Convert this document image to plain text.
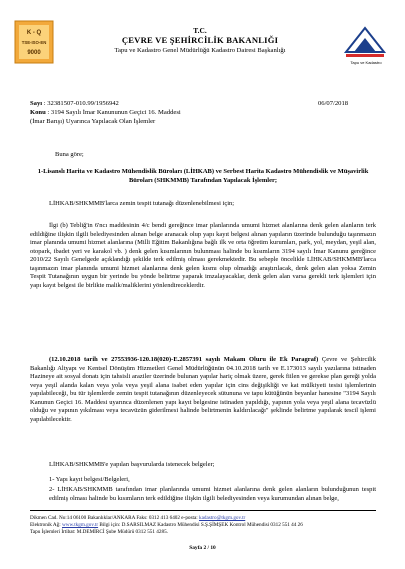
K - Q
TSE-ISO-EN
9000
Tapu ve Kadastro
T.C.
ÇEVRE VE ŞEHİRCİLİK BAKANLIĞI
Tapu ve Kadastro Genel Müdürlüğü Kadastro Dairesi Başkanlığı
Sayı : 32381507-010.99/1956942	06/07/2018
Konu : 3194 Sayılı İmar Kanununun Geçici 16. Maddesi
(İmar Barışı) Uyarınca Yapılacak Olan İşlemler
Buna göre;
1-Lisanslı Harita ve Kadastro Mühendislik Büroları (LİHKAB) ve Serbest Harita Kadastro Mühendislik ve Müşavirlik Büroları (SHKMMB) Tarafından Yapılacak İşlemler;
LİHKAB/SHKMMB'larca zemin tespit tutanağı düzenlenebilmesi için;
İlgi (b) Tebliğ'in 6'ncı maddesinin 4/c bendi gereğince imar planlarında umumi hizmet alanlarına denk gelen alanların terk edildiğine ilişkin ilgili belediyesinden alınan belge aranacak olup yapı kayıt belgesi alınan yapıların üzerinde bulunduğu taşınmazın imar planında umumi hizmet alanlarına (Milli Eğitim Bakanlığına bağlı ilk ve orta öğretim kurumları, park, yol, meydan, yeşil alan, otopark, ibadet yeri ve karakol vb. ) denk gelen kısımlarının bulunması halinde bu kısımların 3194 sayılı İmar Kanunu gereğince 2010/22 Sayılı Genelgede açıklandığı şekilde terk edilmiş olması gerekmektedir. Bu sebeple öncelikle LİHKAB/SHKMMB'larca taşınmazın imar planında umumi hizmet alanlarına denk gelen kısmı olup olmadığı araştırılacak, denk gelen alan yoksa Zemin Tespit Tutanağının uygun bir yerinde bu yönde belirtme yaparak imzalayacaklar, denk gelen alan varsa gerekli terk işlemleri için yapı kayıt belgesi ile birlikte malik/maliklerini yönlendireceklerdir.
(12.10.2018 tarih ve 27553936-120.18(020)-E.2857391 sayılı Makam Oluru ile Ek Paragraf) Çevre ve Şehircilik Bakanlığı Altyapı ve Kentsel Dönüşüm Hizmetleri Genel Müdürlüğünün 04.10.2018 tarih ve E.173013 sayılı yazılarına istinaden Hazineye ait sosyal donatı için tahsisli araziler üzerinde bulunan yapılar hariç olmak üzere, gerek fiilen ve gerekse plan gereği yolda veya yeşil alanda kalan veya yola veya yeşil alana isabet eden yapılar için cins değişikliği ve kat mülkiyeti tesisi işlemlerinin yapılabileceği, bu tür işlemlerde zemin tespit tutanağının düzenleyecek sütununa ve tapu kütüğünün beyanlar hanesine "3194 Sayılı Kanunun Geçici 16. Maddesi uyarınca düzenlenen yapı kayıt belgesine istinaden yapıldığı, yapının yola veya yeşil alana tecavüzlü olduğu ve yapının yıkılması veya tecavüzün giderilmesi halinde belirtmenin kaldırılacağı" şeklinde belirtme yapılarak tescil işlemi yapılabilecektir.
LİHKAB/SHKMMB'e yapılan başvurularda istenecek belgeler;
1- Yapı kayıt belgesi/Belgeleri,
2- LİHKAB/SHKMMB tarafından imar planlarında umumi hizmet alanlarına denk gelen alanların bulunduğunun tespit edilmiş olması halinde bu kısımların terk edildiğine ilişkin ilgili belediyesinden veya kurumundan alınan belge,
Dikmen Cad. No:14 06100 Bakanlıklar/ANKARA Faks: 0312 413 6402 e-posta: kadastro@tkgm.gov.tr
Elektronik Ağ: www.tkgm.gov.tr Bilgi için: D.SARSILMAZ Kadastro Mühendisi S.Ş.ŞİMŞEK Kontrol Mühendisi 0312 551 44 26
Tapu İşlemleri İrtibat: M.DEMİRCİ Şube Müdürü 0312 551 4285.
Sayfa 2 / 10
